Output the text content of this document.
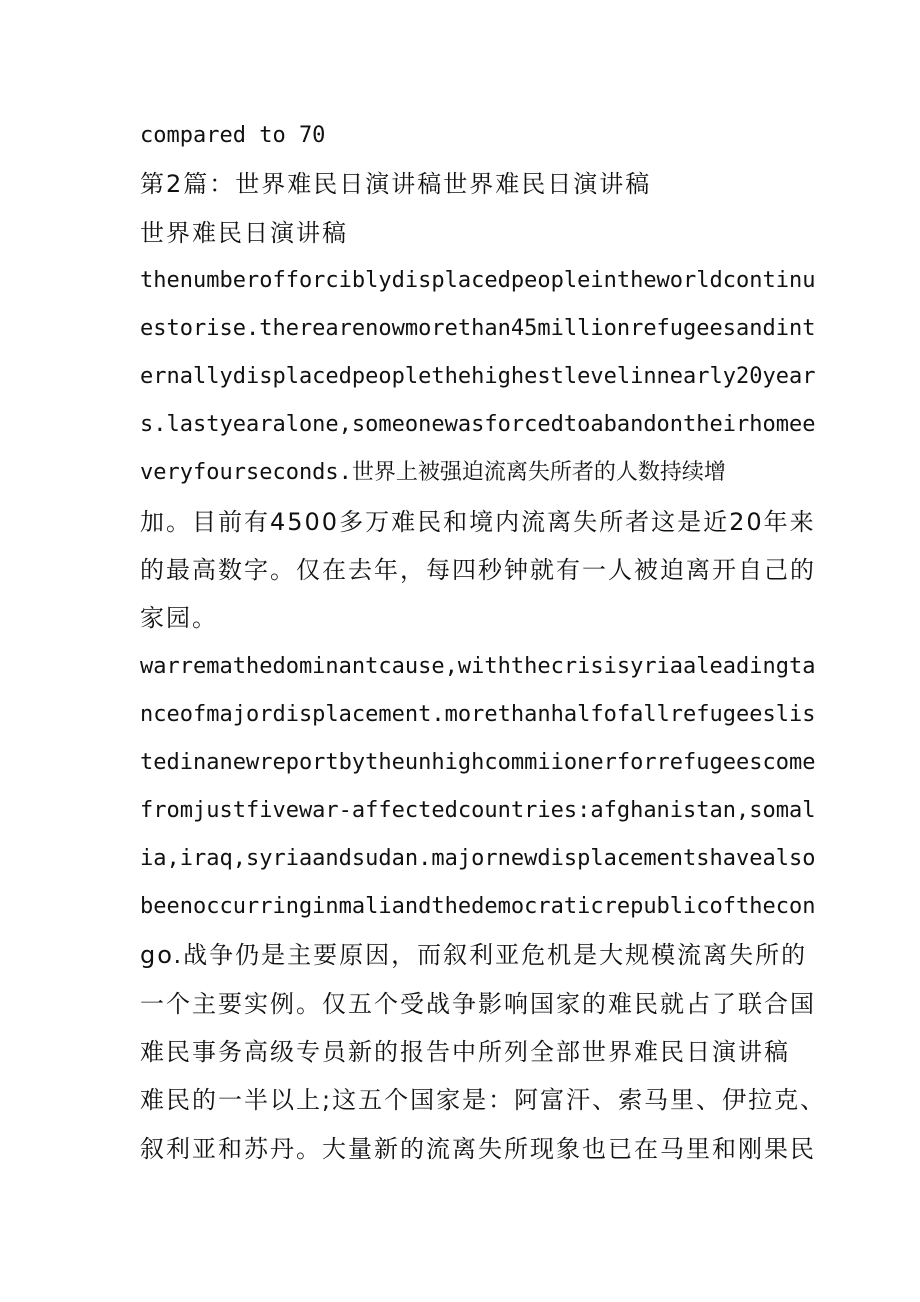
compared to 70

第2篇：世界难民日演讲稿世界难民日演讲稿

世界难民日演讲稿

thenumberofforciblydisplacedpeopleintheworldcontinu

estorise.therearenowmorethan45millionrefugeesandint

ernallydisplacedpeoplethehighestlevelinnearly20year

s.lastyearalone,someonewasforcedtoabandontheirhomee

veryfourseconds.世界上被强迫流离失所者的人数持续增

加。目前有4500多万难民和境内流离失所者这是近20年来

的最高数字。仅在去年，每四秒钟就有一人被迫离开自己的

家园。

warremathedominantcause,withthecrisisyriaaleadingta

nceofmajordisplacement.morethanhalfofallrefugeeslis

tedinanewreportbytheunhighcommiionerforrefugeescome

fromjustfivewar-affectedcountries:afghanistan,somal

ia,iraq,syriaandsudan.majornewdisplacementshavealso

beenoccurringinmaliandthedemocraticrepublicofthecon

go.战争仍是主要原因，而叙利亚危机是大规模流离失所的

一个主要实例。仅五个受战争影响国家的难民就占了联合国

难民事务高级专员新的报告中所列全部世界难民日演讲稿

难民的一半以上;这五个国家是：阿富汗、索马里、伊拉克、

叙利亚和苏丹。大量新的流离失所现象也已在马里和刚果民
